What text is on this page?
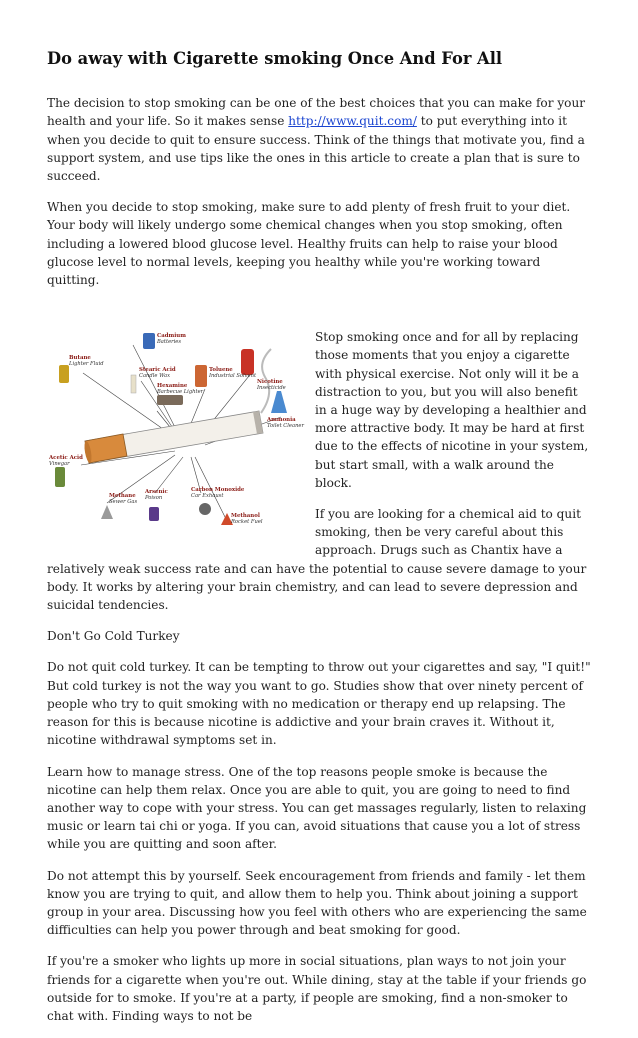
Do away with Cigarette smoking Once And For All

The decision to stop smoking can be one of the best choices that you can make for your health and your life. So it makes sense http://www.quit.com/ to put everything into it when you decide to quit to ensure success. Think of the things that motivate you, find a support system, and use tips like the ones in this article to create a plan that is sure to succeed.

When you decide to stop smoking, make sure to add plenty of fresh fruit to your diet. Your body will likely undergo some chemical changes when you stop smoking, often including a lowered blood glucose level. Healthy fruits can help to raise your blood glucose level to normal levels, keeping you healthy while you're working toward quitting.

Cadmium
Batteries
Butane
Lighter Fluid
Stearic Acid
Candle Wax
Hexamine
Barbecue Lighter
Toluene
Industrial Solvent
Nicotine
Insecticide
Ammonia
Toilet Cleaner
Acetic Acid
Vinegar
Methane
Sewer Gas
Arsenic
Poison
Carbon Monoxide
Car Exhaust
Methanol
Rocket Fuel

Stop smoking once and for all by replacing those moments that you enjoy a cigarette with physical exercise. Not only will it be a distraction to you, but you will also benefit in a huge way by developing a healthier and more attractive body. It may be hard at first due to the effects of nicotine in your system, but start small, with a walk around the block.

If you are looking for a chemical aid to quit smoking, then be very careful about this approach. Drugs such as Chantix have a relatively weak success rate and can have the potential to cause severe damage to your body. It works by altering your brain chemistry, and can lead to severe depression and suicidal tendencies.

Don't Go Cold Turkey

Do not quit cold turkey. It can be tempting to throw out your cigarettes and say, "I quit!" But cold turkey is not the way you want to go. Studies show that over ninety percent of people who try to quit smoking with no medication or therapy end up relapsing. The reason for this is because nicotine is addictive and your brain craves it. Without it, nicotine withdrawal symptoms set in.

Learn how to manage stress. One of the top reasons people smoke is because the nicotine can help them relax. Once you are able to quit, you are going to need to find another way to cope with your stress. You can get massages regularly, listen to relaxing music or learn tai chi or yoga. If you can, avoid situations that cause you a lot of stress while you are quitting and soon after.

Do not attempt this by yourself. Seek encouragement from friends and family - let them know you are trying to quit, and allow them to help you. Think about joining a support group in your area. Discussing how you feel with others who are experiencing the same difficulties can help you power through and beat smoking for good.

If you're a smoker who lights up more in social situations, plan ways to not join your friends for a cigarette when you're out. While dining, stay at the table if your friends go outside for to smoke. If you're at a party, if people are smoking, find a non-smoker to chat with. Finding ways to not be
